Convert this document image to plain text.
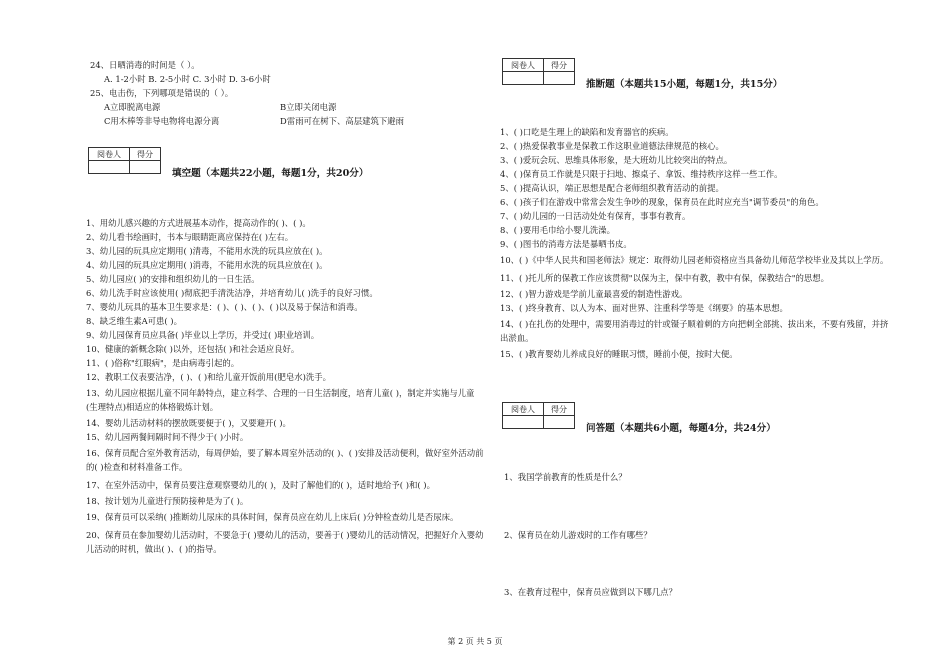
24、日晒消毒的时间是（ ）。
A. 1-2小时 B. 2-5小时 C. 3小时 D. 3-6小时
25、电击伤，下列哪项是错误的（ ）。
A立即脱离电源	B立即关闭电源
C用木棒等非导电物将电源分离	D雷雨可在树下、高层建筑下避雨
阅卷人	得分

填空题（本题共22小题，每题1分，共20分）
1、用幼儿感兴趣的方式进展基本动作，提高动作的( )、( )。
2、幼儿看书绘画时，书本与眼睛距离应保持在( )左右。
3、幼儿园的玩具应定期用( )清毒，不能用水洗的玩具应放在( )。
4、幼儿园的玩具应定期用( )消毒，不能用水洗的玩具应放在( )。
5、幼儿园应( )的安排和组织幼儿的一日生活。
6、幼儿洗手时应该使用( )彻底把手清洗洁净，并培育幼儿( )洗手的良好习惯。
7、婴幼儿玩具的基本卫生要求是：( )、( )、( )、( )以及易于保洁和消毒。
8、缺乏维生素A可患( )。
9、幼儿园保育员应具备( )毕业以上学历，并受过( )职业培训。
10、健康的新概念除( )以外，还包括( )和社会适应良好。
11、( )俗称"红眼病"，是由病毒引起的。
12、教职工仪表要洁净，( )、( )和给儿童开饭前用(肥皂水)洗手。
13、幼儿园应根据儿童不同年龄特点，建立科学、合理的一日生活制度，培育儿童( )，制定并实施与儿童(生理特点)相适应的体格锻炼计划。
14、婴幼儿活动材料的摆放既要便于( )，又要避开( )。
15、幼儿园两餐间隔时间不得少于( )小时。
16、保育员配合室外教育活动，每周伊始，要了解本周室外活动的( )、( )安排及活动便利，做好室外活动前的( )检查和材料准备工作。
17、在室外活动中，保育员要注意观察婴幼儿的( )，及时了解他们的( )，适时地给予( )和( )。
18、按计划为儿童进行预防接种是为了( )。
19、保育员可以采纳( )推断幼儿尿床的具体时间，保育员应在幼儿上床后( )分钟检查幼儿是否尿床。
20、保育员在参加婴幼儿活动时，不要急于( )婴幼儿的活动，要善于( )婴幼儿的活动情况，把握好介入婴幼儿活动的时机，做出( )、( )的指导。
阅卷人	得分

推断题（本题共15小题，每题1分，共15分）
1、( )口吃是生理上的缺陷和发育器官的疾病。
2、( )热爱保教事业是保教工作这职业道德法律规范的核心。
3、( )爱玩会玩、思维具体形象，是大班幼儿比较突出的特点。
4、( )保育员工作就是只限于扫地、擦桌子、拿饭、维持秩序这样一些工作。
5、( )提高认识，端正思想是配合老师组织教育活动的前提。
6、( )孩子们在游戏中常常会发生争吵的现象，保育员在此时应充当"调节委员"的角色。
7、( )幼儿园的一日活动处处有保育，事事有教育。
8、( )要用毛巾给小婴儿洗澡。
9、( )图书的消毒方法是暴晒书皮。
10、( )《中华人民共和国老师法》规定：取得幼儿园老师资格应当具备幼儿师范学校毕业及其以上学历。
11、( )托儿所的保教工作应该贯彻"以保为主，保中有教，教中有保，保教结合"的思想。
12、( )智力游戏是学前儿童最喜爱的制造性游戏。
13、( )终身教育、以人为本、面对世界、注重科学等是《纲要》的基本思想。
14、( )在扎伤的处理中，需要用消毒过的针或镊子顺着刺的方向把刺全部挑、拔出来，不要有残留，并挤出淤血。
15、( )教育婴幼儿养成良好的睡眠习惯，睡前小便，按时大便。
阅卷人	得分

问答题（本题共6小题，每题4分，共24分）
1、我国学前教育的性质是什么？
2、保育员在幼儿游戏时的工作有哪些？
3、在教育过程中，保育员应做到以下哪几点？
第 2 页 共 5 页
